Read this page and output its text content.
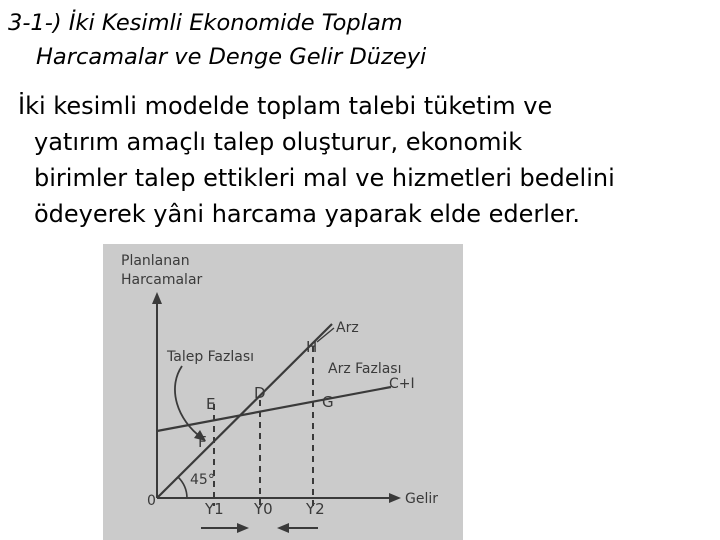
3-1-) İki Kesimli Ekonomide Toplam
Harcamalar ve Denge Gelir Düzeyi
İki kesimli modelde toplam talebi tüketim ve
yatırım amaçlı talep oluşturur, ekonomik
birimler talep ettikleri mal ve hizmetleri bedelini
ödeyerek yâni harcama yaparak elde ederler.
Planlanan
Harcamalar
Arz
C+I
Talep Fazlası
Arz Fazlası
H
D
E	G
F
45°
0	Gelir
Y1 Y0 Y2
